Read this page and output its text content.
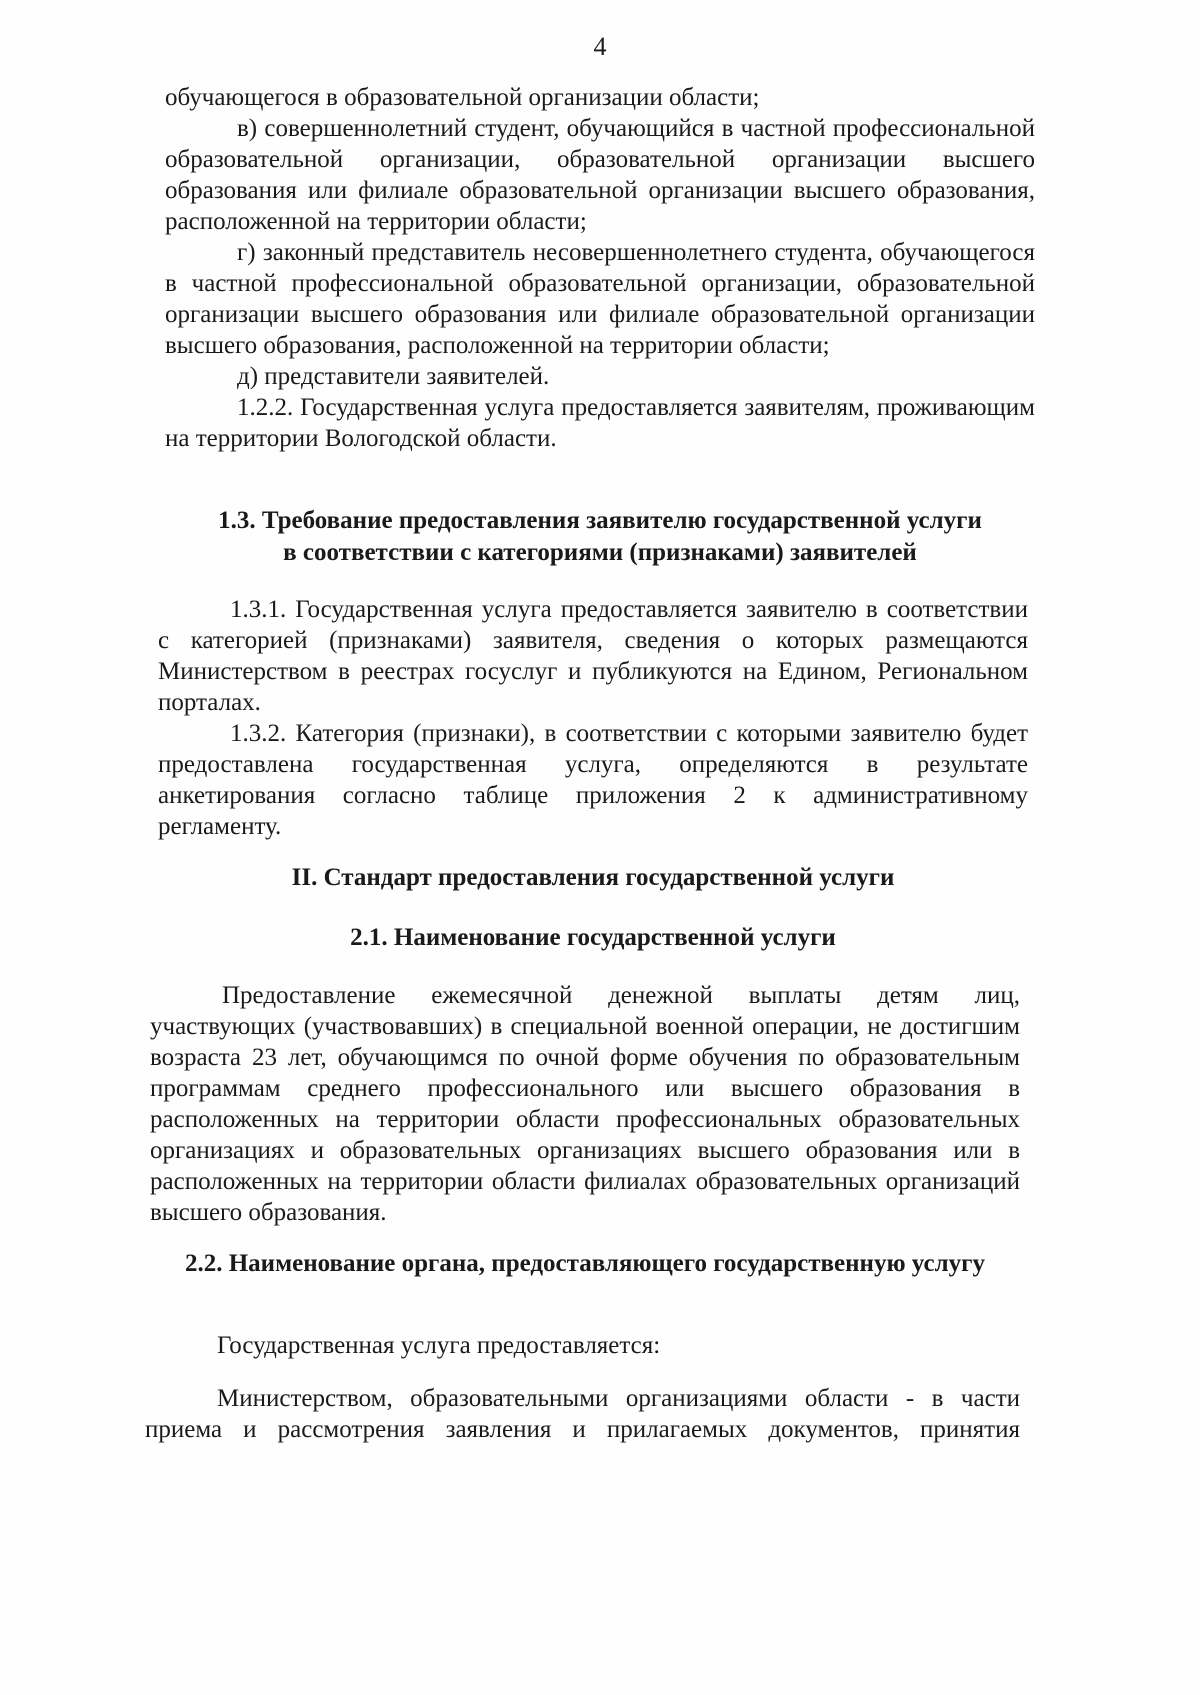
4

обучающегося в образовательной организации области;

в) совершеннолетний студент, обучающийся в частной профессиональной образовательной организации, образовательной организации высшего образования или филиале образовательной организации высшего образования, расположенной на территории области;

г) законный представитель несовершеннолетнего студента, обучающегося в частной профессиональной образовательной организации, образовательной организации высшего образования или филиале образовательной организации высшего образования, расположенной на территории области;

д) представители заявителей.

1.2.2. Государственная услуга предоставляется заявителям, проживающим на территории Вологодской области.

1.3. Требование предоставления заявителю государственной услуги
в соответствии с категориями (признаками) заявителей

1.3.1. Государственная услуга предоставляется заявителю в соответствии с категорией (признаками) заявителя, сведения о которых размещаются Министерством в реестрах госуслуг и публикуются на Едином, Региональном порталах.

1.3.2. Категория (признаки), в соответствии с которыми заявителю будет предоставлена государственная услуга, определяются в результате анкетирования согласно таблице приложения 2 к административному регламенту.

II. Стандарт предоставления государственной услуги
2.1. Наименование государственной услуги

Предоставление ежемесячной денежной выплаты детям лиц, участвующих (участвовавших) в специальной военной операции, не достигшим возраста 23 лет, обучающимся по очной форме обучения по образовательным программам среднего профессионального или высшего образования в расположенных на территории области профессиональных образовательных организациях и образовательных организациях высшего образования или в расположенных на территории области филиалах образовательных организаций высшего образования.

2.2. Наименование органа, предоставляющего государственную услугу

Государственная услуга предоставляется:

Министерством, образовательными организациями области - в части приема и рассмотрения заявления и прилагаемых документов, принятия
